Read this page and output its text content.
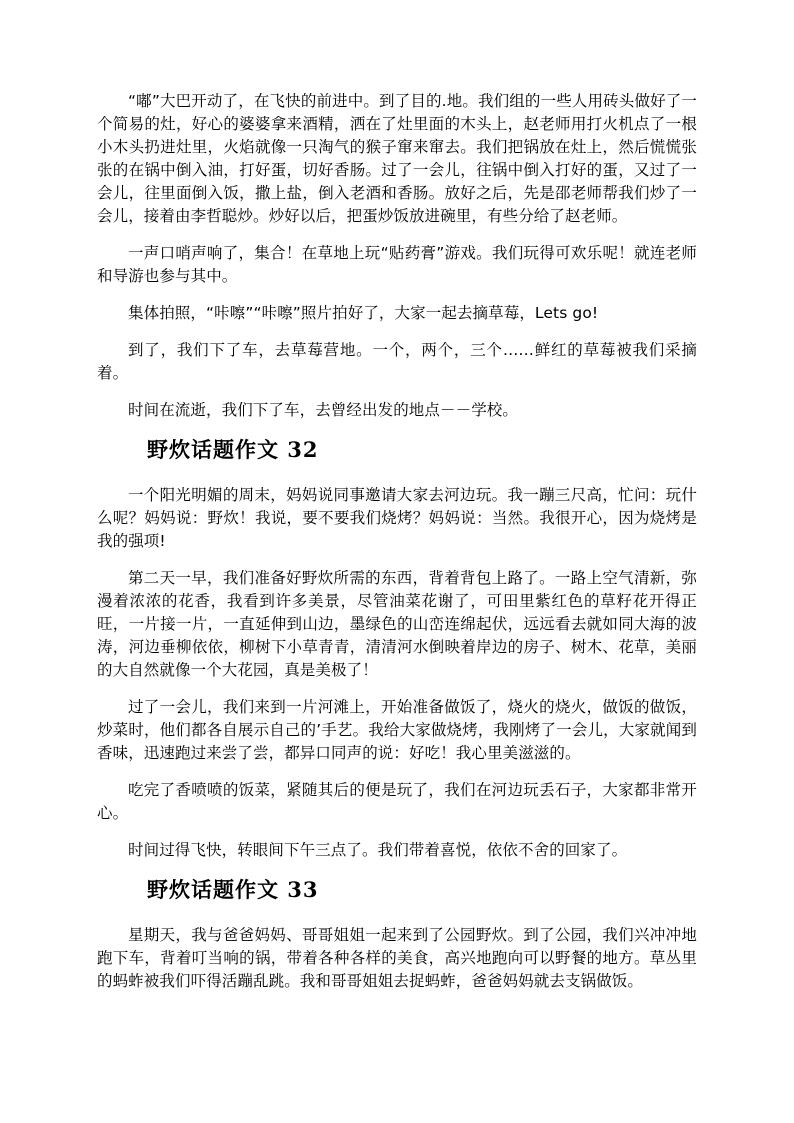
“嘟”大巴开动了，在飞快的前进中。到了目的.地。我们组的一些人用砖头做好了一个简易的灶，好心的婆婆拿来酒精，洒在了灶里面的木头上，赵老师用打火机点了一根小木头扔进灶里，火焰就像一只淘气的猴子窜来窜去。我们把锅放在灶上，然后慌慌张张的在锅中倒入油，打好蛋，切好香肠。过了一会儿，往锅中倒入打好的蛋，又过了一会儿，往里面倒入饭，撒上盐，倒入老酒和香肠。放好之后，先是邵老师帮我们炒了一会儿，接着由李哲聪炒。炒好以后，把蛋炒饭放进碗里，有些分给了赵老师。

一声口哨声响了，集合！在草地上玩“贴药膏”游戏。我们玩得可欢乐呢！就连老师和导游也参与其中。

集体拍照，“咔嚓”“咔嚓”照片拍好了，大家一起去摘草莓，Lets go!

到了，我们下了车，去草莓营地。一个，两个，三个……鲜红的草莓被我们采摘着。

时间在流逝，我们下了车，去曾经出发的地点－－学校。

野炊话题作文 32

一个阳光明媚的周末，妈妈说同事邀请大家去河边玩。我一蹦三尺高，忙问：玩什么呢？妈妈说：野炊！我说，要不要我们烧烤？妈妈说：当然。我很开心，因为烧烤是我的强项!

第二天一早，我们准备好野炊所需的东西，背着背包上路了。一路上空气清新，弥漫着浓浓的花香，我看到许多美景，尽管油菜花谢了，可田里紫红色的草籽花开得正旺，一片接一片，一直延伸到山边，墨绿色的山峦连绵起伏，远远看去就如同大海的波涛，河边垂柳依依，柳树下小草青青，清清河水倒映着岸边的房子、树木、花草，美丽的大自然就像一个大花园，真是美极了！

过了一会儿，我们来到一片河滩上，开始准备做饭了，烧火的烧火，做饭的做饭，炒菜时，他们都各自展示自己的’手艺。我给大家做烧烤，我刚烤了一会儿，大家就闻到香味，迅速跑过来尝了尝，都异口同声的说：好吃！我心里美滋滋的。

吃完了香喷喷的饭菜，紧随其后的便是玩了，我们在河边玩丢石子，大家都非常开心。

时间过得飞快，转眼间下午三点了。我们带着喜悦，依依不舍的回家了。

野炊话题作文 33

星期天，我与爸爸妈妈、哥哥姐姐一起来到了公园野炊。到了公园，我们兴冲冲地跑下车，背着叮当响的锅，带着各种各样的美食，高兴地跑向可以野餐的地方。草丛里的蚂蚱被我们吓得活蹦乱跳。我和哥哥姐姐去捉蚂蚱，爸爸妈妈就去支锅做饭。
